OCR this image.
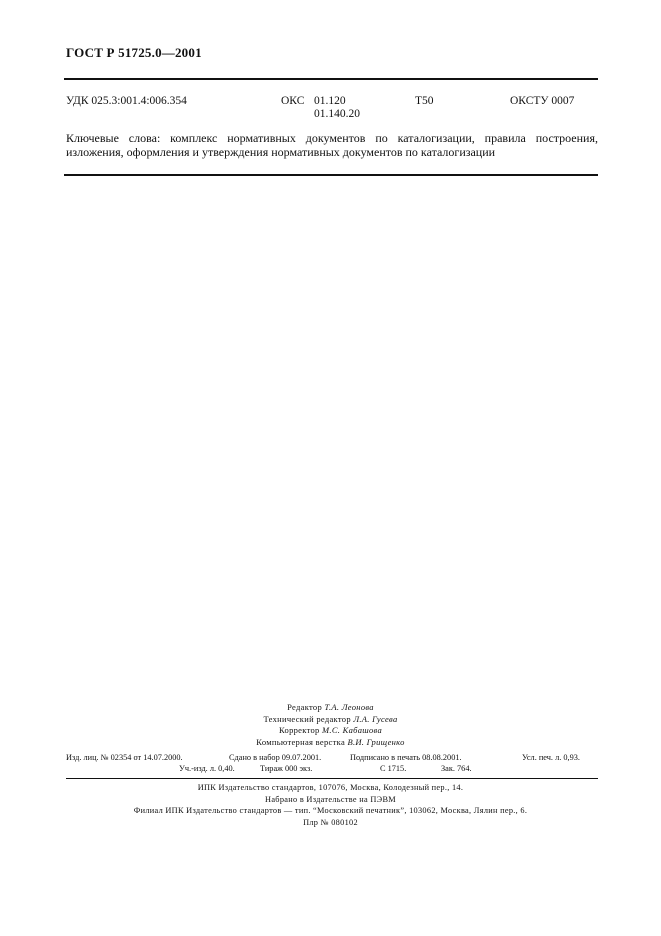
ГОСТ Р 51725.0—2001
УДК 025.3:001.4:006.354	ОКС 01.120
01.140.20
Т50	ОКСТУ 0007
Ключевые слова: комплекс нормативных документов по каталогизации, правила построения,
изложения, оформления и утверждения нормативных документов по каталогизации
Редактор Т.А. Леонова
Технический редактор Л.А. Гусева
Корректор М.С. Кабашова
Компьютерная верстка В.И. Грищенко
Изд. лиц. № 02354 от 14.07.2000.	Сдано в набор 09.07.2001.	Подписано в печать 08.08.2001.	Усл. печ. л. 0,93.
Уч.-изд. л. 0,40.	Тираж 000 экз.	С 1715.	Зак. 764.
ИПК Издательство стандартов, 107076, Москва, Колодезный пер., 14.
Набрано в Издательстве на ПЭВМ
Филиал ИПК Издательство стандартов — тип. “Московский печатник”, 103062, Москва, Лялин пер., 6.
Плр № 080102
